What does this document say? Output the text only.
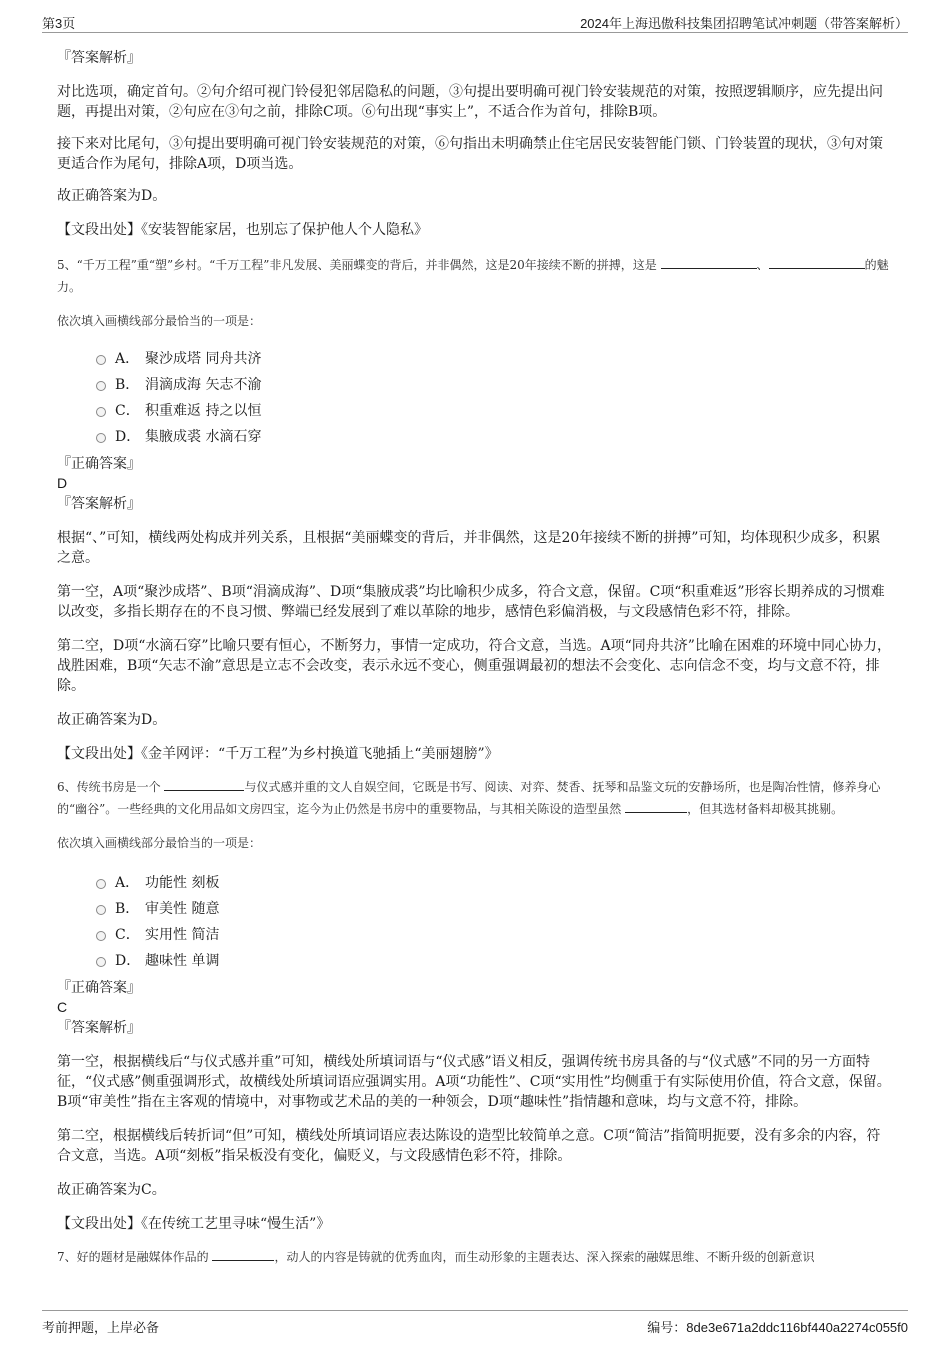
第3页	2024年上海迅傲科技集团招聘笔试冲刺题（带答案解析）
『答案解析』
对比选项，确定首句。②句介绍可视门铃侵犯邻居隐私的问题，③句提出要明确可视门铃安装规范的对策，按照逻辑顺序，应先提出问题，再提出对策，②句应在③句之前，排除C项。⑥句出现“事实上”，不适合作为首句，排除B项。
接下来对比尾句，③句提出要明确可视门铃安装规范的对策，⑥句指出未明确禁止住宅居民安装智能门锁、门铃装置的现状，③句对策更适合作为尾句，排除A项，D项当选。
故正确答案为D。
【文段出处】《安装智能家居，也别忘了保护他人个人隐私》
5、“千万工程”重“塑”乡村。“千万工程”非凡发展、美丽蝶变的背后，并非偶然，这是20年接续不断的拼搏，这是	、	的魅力。
依次填入画横线部分最恰当的一项是：
A． 聚沙成塔 同舟共济
B． 涓滴成海 矢志不渝
C． 积重难返 持之以恒
D． 集腋成裘 水滴石穿
『正确答案』
D
『答案解析』
根据“、”可知，横线两处构成并列关系，且根据“美丽蝶变的背后，并非偶然，这是20年接续不断的拼搏”可知，均体现积少成多，积累之意。
第一空，A项“聚沙成塔”、B项“涓滴成海”、D项“集腋成裘”均比喻积少成多，符合文意，保留。C项“积重难返”形容长期养成的习惯难以改变，多指长期存在的不良习惯、弊端已经发展到了难以革除的地步，感情色彩偏消极，与文段感情色彩不符，排除。
第二空，D项“水滴石穿”比喻只要有恒心，不断努力，事情一定成功，符合文意，当选。A项“同舟共济”比喻在困难的环境中同心协力，战胜困难，B项“矢志不渝”意思是立志不会改变，表示永远不变心，侧重强调最初的想法不会变化、志向信念不变，均与文意不符，排除。
故正确答案为D。
【文段出处】《金羊网评：“千万工程”为乡村换道飞驰插上“美丽翅膀”》
6、传统书房是一个	与仪式感并重的文人自娱空间，它既是书写、阅读、对弈、焚香、抚琴和品鉴文玩的安静场所，也是陶冶性情，修养身心的“幽谷”。一些经典的文化用品如文房四宝，迄今为止仍然是书房中的重要物品，与其相关陈设的造型虽然	，但其选材备料却极其挑剔。
依次填入画横线部分最恰当的一项是：
A． 功能性 刻板
B． 审美性 随意
C． 实用性 简洁
D． 趣味性 单调
『正确答案』
C
『答案解析』
第一空，根据横线后“与仪式感并重”可知，横线处所填词语与“仪式感”语义相反，强调传统书房具备的与“仪式感”不同的另一方面特征，“仪式感”侧重强调形式，故横线处所填词语应强调实用。A项“功能性”、C项“实用性”均侧重于有实际使用价值，符合文意，保留。B项“审美性”指在主客观的情境中，对事物或艺术品的美的一种领会，D项“趣味性”指情趣和意味，均与文意不符，排除。
第二空，根据横线后转折词“但”可知，横线处所填词语应表达陈设的造型比较简单之意。C项“简洁”指简明扼要，没有多余的内容，符合文意，当选。A项“刻板”指呆板没有变化，偏贬义，与文段感情色彩不符，排除。
故正确答案为C。
【文段出处】《在传统工艺里寻味“慢生活”》
7、好的题材是融媒体作品的	，动人的内容是铸就的优秀血肉，而生动形象的主题表达、深入探索的融媒思维、不断升级的创新意识
考前押题，上岸必备	编号：8de3e671a2ddc116bf440a2274c055f0
